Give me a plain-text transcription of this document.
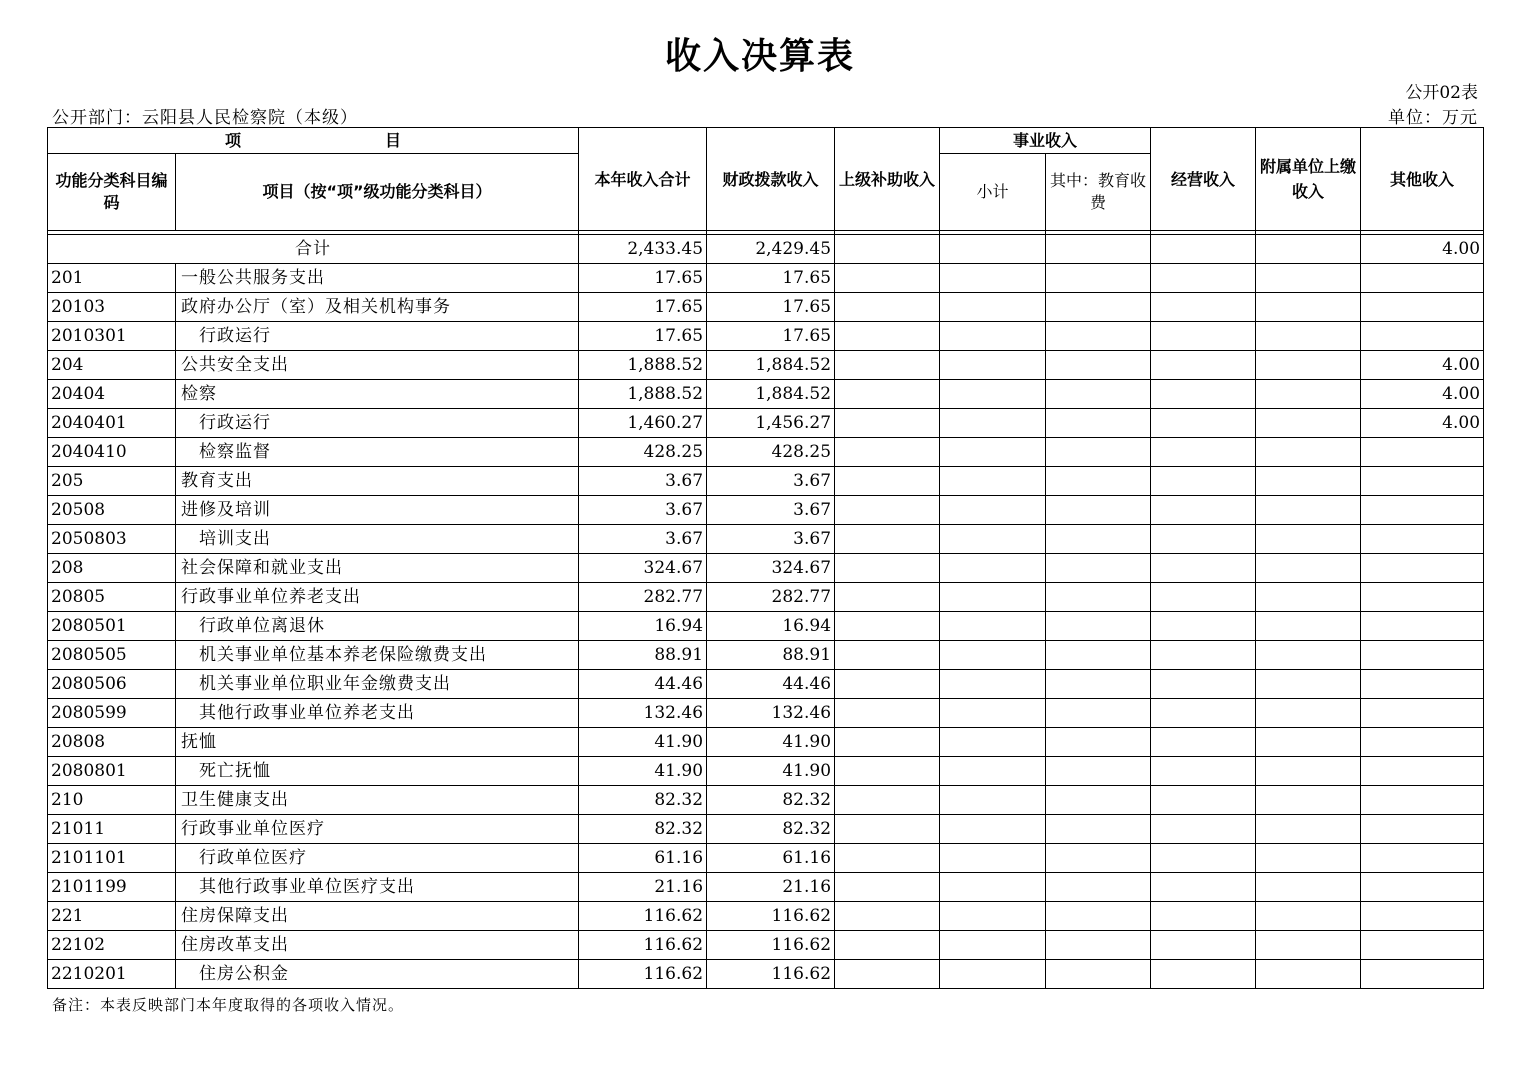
收入决算表
公开02表
公开部门：云阳县人民检察院（本级）	单位：万元
项　　　　　　　　　目		本年收入合计	财政拨款收入	上级补助收入	事业收入		经营收入	附属单位上缴收入	其他收入
功能分类科目编码	项目（按“项”级功能分类科目）				小计	其中：教育收费			

合计		2,433.45	2,429.45						4.00
201	一般公共服务支出	17.65	17.65						
20103	政府办公厅（室）及相关机构事务	17.65	17.65						
2010301	行政运行	17.65	17.65						
204	公共安全支出	1,888.52	1,884.52						4.00
20404	检察	1,888.52	1,884.52						4.00
2040401	行政运行	1,460.27	1,456.27						4.00
2040410	检察监督	428.25	428.25						
205	教育支出	3.67	3.67						
20508	进修及培训	3.67	3.67						
2050803	培训支出	3.67	3.67						
208	社会保障和就业支出	324.67	324.67						
20805	行政事业单位养老支出	282.77	282.77						
2080501	行政单位离退休	16.94	16.94						
2080505	机关事业单位基本养老保险缴费支出	88.91	88.91						
2080506	机关事业单位职业年金缴费支出	44.46	44.46						
2080599	其他行政事业单位养老支出	132.46	132.46						
20808	抚恤	41.90	41.90						
2080801	死亡抚恤	41.90	41.90						
210	卫生健康支出	82.32	82.32						
21011	行政事业单位医疗	82.32	82.32						
2101101	行政单位医疗	61.16	61.16						
2101199	其他行政事业单位医疗支出	21.16	21.16						
221	住房保障支出	116.62	116.62						
22102	住房改革支出	116.62	116.62						
2210201	住房公积金	116.62	116.62						
备注：本表反映部门本年度取得的各项收入情况。
